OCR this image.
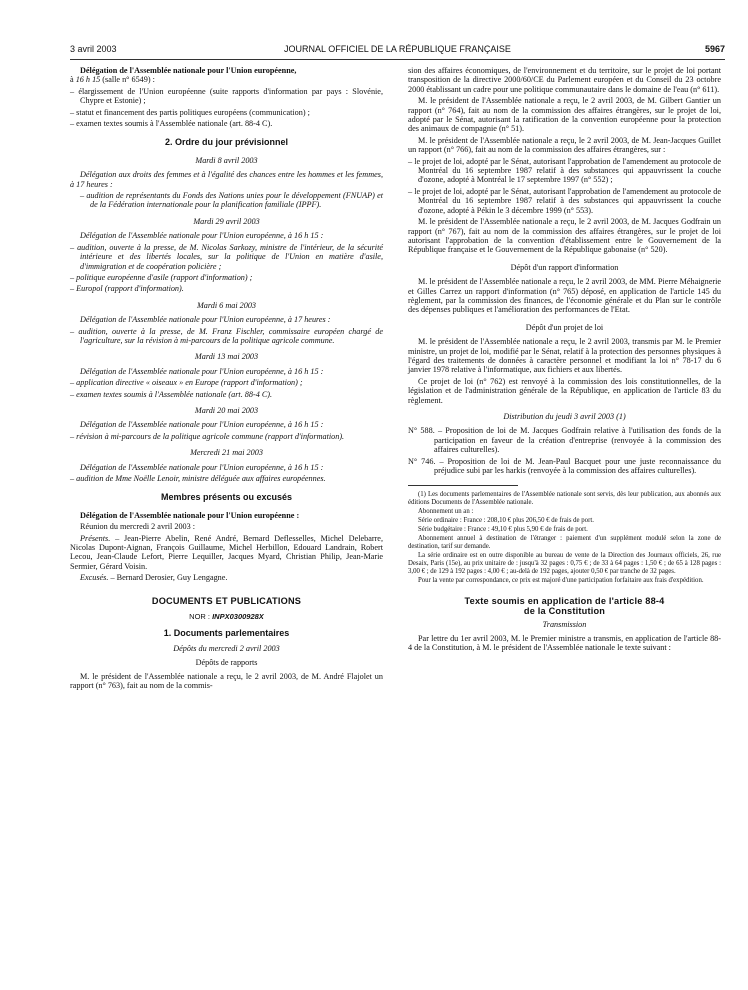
3 avril 2003	JOURNAL OFFICIEL DE LA RÉPUBLIQUE FRANÇAISE	5967

Délégation de l'Assemblée nationale pour l'Union européenne,
à 16 h 15 (salle n° 6549) :

– élargissement de l'Union européenne (suite rapports d'information par pays : Slovénie, Chypre et Estonie) ;

– statut et financement des partis politiques européens (communication) ;

– examen textes soumis à l'Assemblée nationale (art. 88-4 C).

2. Ordre du jour prévisionnel
Mardi 8 avril 2003

Délégation aux droits des femmes et à l'égalité des chances entre les hommes et les femmes, à 17 heures :

– audition de représentants du Fonds des Nations unies pour le développement (FNUAP) et de la Fédération internationale pour la planification familiale (IPPF).

Mardi 29 avril 2003

Délégation de l'Assemblée nationale pour l'Union européenne, à 16 h 15 :

– audition, ouverte à la presse, de M. Nicolas Sarkozy, ministre de l'intérieur, de la sécurité intérieure et des libertés locales, sur la politique de l'Union en matière d'asile, d'immigration et de coopération policière ;

– politique européenne d'asile (rapport d'information) ;

– Europol (rapport d'information).

Mardi 6 mai 2003

Délégation de l'Assemblée nationale pour l'Union européenne, à 17 heures :

– audition, ouverte à la presse, de M. Franz Fischler, commissaire européen chargé de l'agriculture, sur la révision à mi-parcours de la politique agricole commune.

Mardi 13 mai 2003

Délégation de l'Assemblée nationale pour l'Union européenne, à 16 h 15 :

– application directive « oiseaux » en Europe (rapport d'information) ;

– examen textes soumis à l'Assemblée nationale (art. 88-4 C).

Mardi 20 mai 2003

Délégation de l'Assemblée nationale pour l'Union européenne, à 16 h 15 :

– révision à mi-parcours de la politique agricole commune (rapport d'information).

Mercredi 21 mai 2003

Délégation de l'Assemblée nationale pour l'Union européenne, à 16 h 15 :

– audition de Mme Noëlle Lenoir, ministre déléguée aux affaires européennes.

Membres présents ou excusés

Délégation de l'Assemblée nationale pour l'Union européenne :

Réunion du mercredi 2 avril 2003 :

Présents. – Jean-Pierre Abelin, René André, Bernard Deflesselles, Michel Delebarre, Nicolas Dupont-Aignan, François Guillaume, Michel Herbillon, Edouard Landrain, Robert Lecou, Jean-Claude Lefort, Pierre Lequiller, Jacques Myard, Christian Philip, Jean-Marie Sermier, Gérard Voisin.

Excusés. – Bernard Derosier, Guy Lengagne.

DOCUMENTS ET PUBLICATIONS
NOR : INPX0300928X
1. Documents parlementaires
Dépôts du mercredi 2 avril 2003
Dépôts de rapports

M. le président de l'Assemblée nationale a reçu, le 2 avril 2003, de M. André Flajolet un rapport (n° 763), fait au nom de la commis-

sion des affaires économiques, de l'environnement et du territoire, sur le projet de loi portant transposition de la directive 2000/60/CE du Parlement européen et du Conseil du 23 octobre 2000 établissant un cadre pour une politique communautaire dans le domaine de l'eau (n° 611).

M. le président de l'Assemblée nationale a reçu, le 2 avril 2003, de M. Gilbert Gantier un rapport (n° 764), fait au nom de la commission des affaires étrangères, sur le projet de loi, adopté par le Sénat, autorisant la ratification de la convention européenne pour la protection des animaux de compagnie (n° 51).

M. le président de l'Assemblée nationale a reçu, le 2 avril 2003, de M. Jean-Jacques Guillet un rapport (n° 766), fait au nom de la commission des affaires étrangères, sur :

– le projet de loi, adopté par le Sénat, autorisant l'approbation de l'amendement au protocole de Montréal du 16 septembre 1987 relatif à des substances qui appauvrissent la couche d'ozone, adopté à Montréal le 17 septembre 1997 (n° 552) ;

– le projet de loi, adopté par le Sénat, autorisant l'approbation de l'amendement au protocole de Montréal du 16 septembre 1987 relatif à des substances qui appauvrissent la couche d'ozone, adopté à Pékin le 3 décembre 1999 (n° 553).

M. le président de l'Assemblée nationale a reçu, le 2 avril 2003, de M. Jacques Godfrain un rapport (n° 767), fait au nom de la commission des affaires étrangères, sur le projet de loi autorisant l'approbation de la convention d'établissement entre le Gouvernement de la République française et le Gouvernement de la République gabonaise (n° 520).

Dépôt d'un rapport d'information

M. le président de l'Assemblée nationale a reçu, le 2 avril 2003, de MM. Pierre Méhaignerie et Gilles Carrez un rapport d'information (n° 765) déposé, en application de l'article 145 du règlement, par la commission des finances, de l'économie générale et du Plan sur le contrôle des dépenses publiques et l'amélioration des performances de l'Etat.

Dépôt d'un projet de loi

M. le président de l'Assemblée nationale a reçu, le 2 avril 2003, transmis par M. le Premier ministre, un projet de loi, modifié par le Sénat, relatif à la protection des personnes physiques à l'égard des traitements de données à caractère personnel et modifiant la loi n° 78-17 du 6 janvier 1978 relative à l'informatique, aux fichiers et aux libertés.

Ce projet de loi (n° 762) est renvoyé à la commission des lois constitutionnelles, de la législation et de l'administration générale de la République, en application de l'article 83 du règlement.

Distribution du jeudi 3 avril 2003 (1)

N° 588. – Proposition de loi de M. Jacques Godfrain relative à l'utilisation des fonds de la participation en faveur de la création d'entreprise (renvoyée à la commission des affaires culturelles).

N° 746. – Proposition de loi de M. Jean-Paul Bacquet pour une juste reconnaissance du préjudice subi par les harkis (renvoyée à la commission des affaires culturelles).

(1) Les documents parlementaires de l'Assemblée nationale sont servis, dès leur publication, aux abonnés aux éditions Documents de l'Assemblée nationale.

Abonnement un an :

Série ordinaire : France : 208,10 € plus 206,50 € de frais de port.

Série budgétaire : France : 49,10 € plus 5,90 € de frais de port.

Abonnement annuel à destination de l'étranger : paiement d'un supplément modulé selon la zone de destination, tarif sur demande.

La série ordinaire est en outre disponible au bureau de vente de la Direction des Journaux officiels, 26, rue Desaix, Paris (15e), au prix unitaire de : jusqu'à 32 pages : 0,75 € ; de 33 à 64 pages : 1,50 € ; de 65 à 128 pages : 3,00 € ; de 129 à 192 pages : 4,00 € ; au-delà de 192 pages, ajouter 0,50 € par tranche de 32 pages.

Pour la vente par correspondance, ce prix est majoré d'une participation forfaitaire aux frais d'expédition.

Texte soumis en application de l'article 88-4
de la Constitution
Transmission

Par lettre du 1er avril 2003, M. le Premier ministre a transmis, en application de l'article 88-4 de la Constitution, à M. le président de l'Assemblée nationale le texte suivant :
